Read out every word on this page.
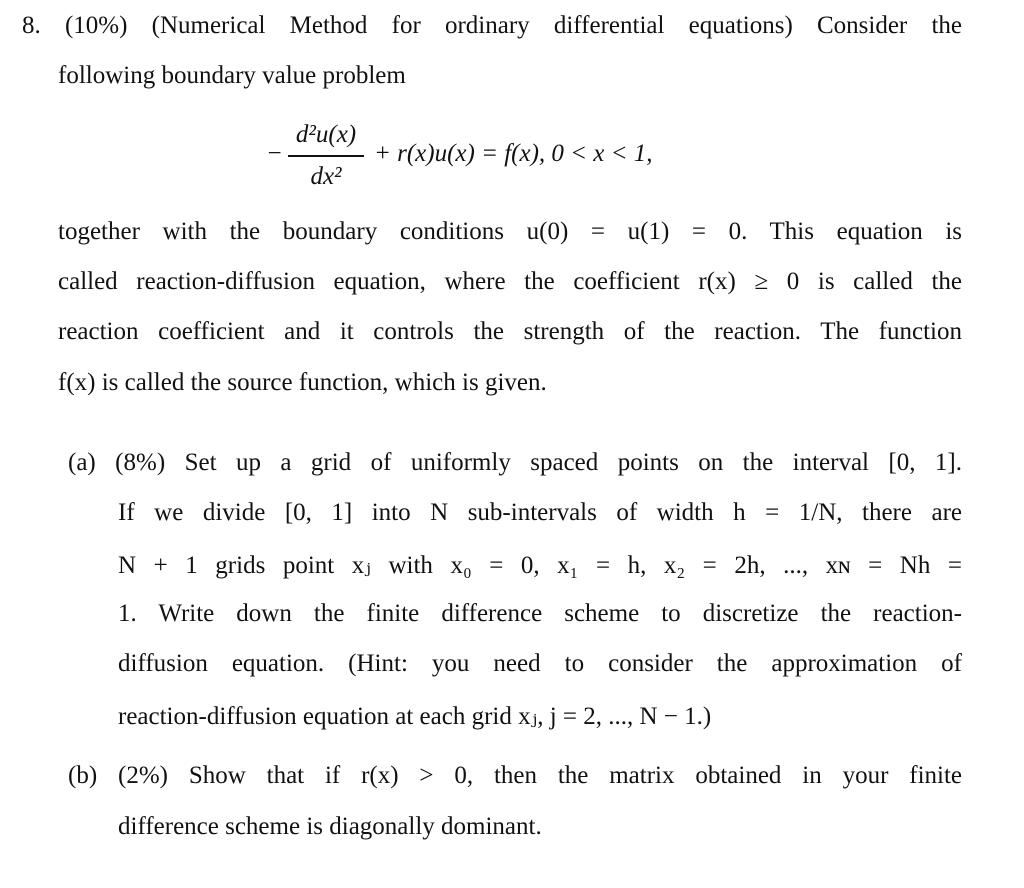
8. (10%) (Numerical Method for ordinary differential equations) Consider the
following boundary value problem
−
d²u(x)
dx²
+ r(x)u(x) = f(x), 0 < x < 1,
together with the boundary conditions u(0) = u(1) = 0. This equation is
called reaction-diffusion equation, where the coefficient r(x) ≥ 0 is called the
reaction coefficient and it controls the strength of the reaction. The function
f(x) is called the source function, which is given.
(a) (8%) Set up a grid of uniformly spaced points on the interval [0, 1].
If we divide [0, 1] into N sub-intervals of width h = 1/N, there are
N + 1 grids point xⱼ with x₀ = 0, x₁ = h, x₂ = 2h, ..., xɴ = Nh =
1. Write down the finite difference scheme to discretize the reaction-
diffusion equation. (Hint: you need to consider the approximation of
reaction-diffusion equation at each grid xⱼ, j = 2, ..., N − 1.)
(b) (2%) Show that if r(x) > 0, then the matrix obtained in your finite
difference scheme is diagonally dominant.
